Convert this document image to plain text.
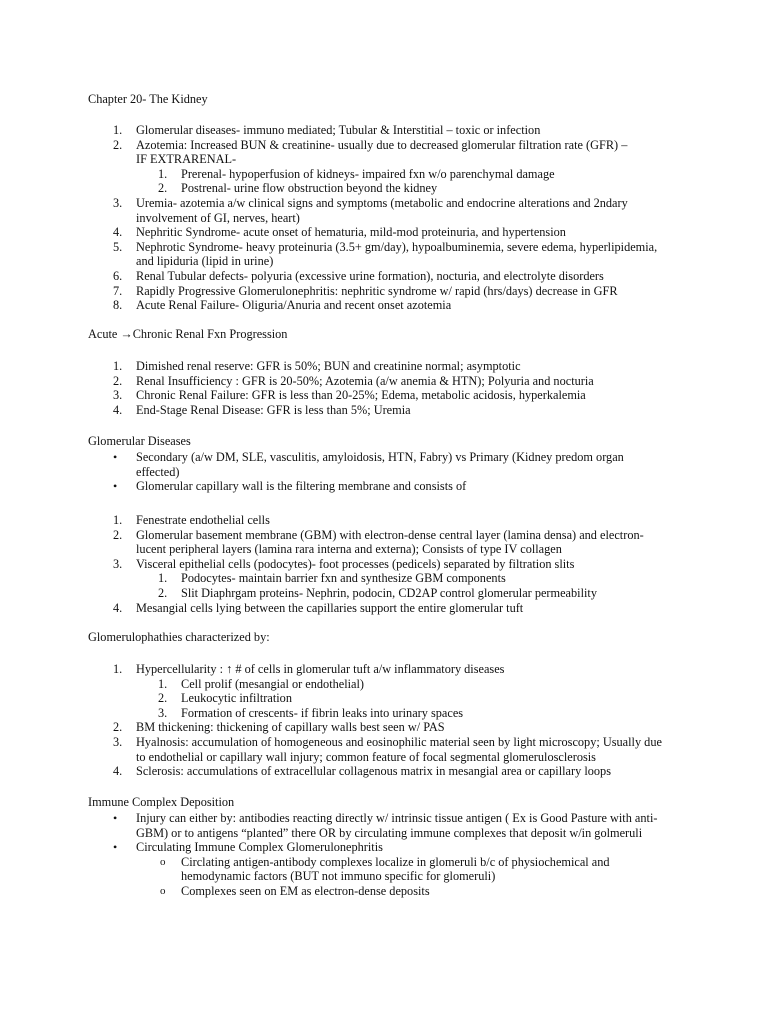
Chapter 20- The Kidney
1. Glomerular diseases- immuno mediated; Tubular & Interstitial – toxic or infection
2. Azotemia: Increased BUN & creatinine- usually due to decreased glomerular filtration rate (GFR) –
IF EXTRARENAL-
1. Prerenal- hypoperfusion of kidneys- impaired fxn w/o parenchymal damage
2. Postrenal- urine flow obstruction beyond the kidney
3. Uremia- azotemia a/w clinical signs and symptoms (metabolic and endocrine alterations and 2ndary
involvement of GI, nerves, heart)
4. Nephritic Syndrome- acute onset of hematuria, mild-mod proteinuria, and hypertension
5. Nephrotic Syndrome- heavy proteinuria (3.5+ gm/day), hypoalbuminemia, severe edema, hyperlipidemia,
and lipiduria (lipid in urine)
6. Renal Tubular defects- polyuria (excessive urine formation), nocturia, and electrolyte disorders
7. Rapidly Progressive Glomerulonephritis: nephritic syndrome w/ rapid (hrs/days) decrease in GFR
8. Acute Renal Failure- Oliguria/Anuria and recent onset azotemia
Acute →Chronic Renal Fxn Progression
1. Dimished renal reserve: GFR is 50%; BUN and creatinine normal; asymptotic
2. Renal Insufficiency : GFR is 20-50%; Azotemia (a/w anemia & HTN); Polyuria and nocturia
3. Chronic Renal Failure: GFR is less than 20-25%; Edema, metabolic acidosis, hyperkalemia
4. End-Stage Renal Disease: GFR is less than 5%; Uremia
Glomerular Diseases
• Secondary (a/w DM, SLE, vasculitis, amyloidosis, HTN, Fabry) vs Primary (Kidney predom organ
effected)
• Glomerular capillary wall is the filtering membrane and consists of
1. Fenestrate endothelial cells
2. Glomerular basement membrane (GBM) with electron-dense central layer (lamina densa) and electron-
lucent peripheral layers (lamina rara interna and externa); Consists of type IV collagen
3. Visceral epithelial cells (podocytes)- foot processes (pedicels) separated by filtration slits
1. Podocytes- maintain barrier fxn and synthesize GBM components
2. Slit Diaphrgam proteins- Nephrin, podocin, CD2AP control glomerular permeability
4. Mesangial cells lying between the capillaries support the entire glomerular tuft
Glomerulophathies characterized by:
1. Hypercellularity : ↑ # of cells in glomerular tuft a/w inflammatory diseases
1. Cell prolif (mesangial or endothelial)
2. Leukocytic infiltration
3. Formation of crescents- if fibrin leaks into urinary spaces
2. BM thickening: thickening of capillary walls best seen w/ PAS
3. Hyalnosis: accumulation of homogeneous and eosinophilic material seen by light microscopy; Usually due
to endothelial or capillary wall injury; common feature of focal segmental glomerulosclerosis
4. Sclerosis: accumulations of extracellular collagenous matrix in mesangial area or capillary loops
Immune Complex Deposition
• Injury can either by: antibodies reacting directly w/ intrinsic tissue antigen ( Ex is Good Pasture with anti-
GBM) or to antigens “planted” there OR by circulating immune complexes that deposit w/in golmeruli
• Circulating Immune Complex Glomerulonephritis
o Circlating antigen-antibody complexes localize in glomeruli b/c of physiochemical and
hemodynamic factors (BUT not immuno specific for glomeruli)
o Complexes seen on EM as electron-dense deposits
